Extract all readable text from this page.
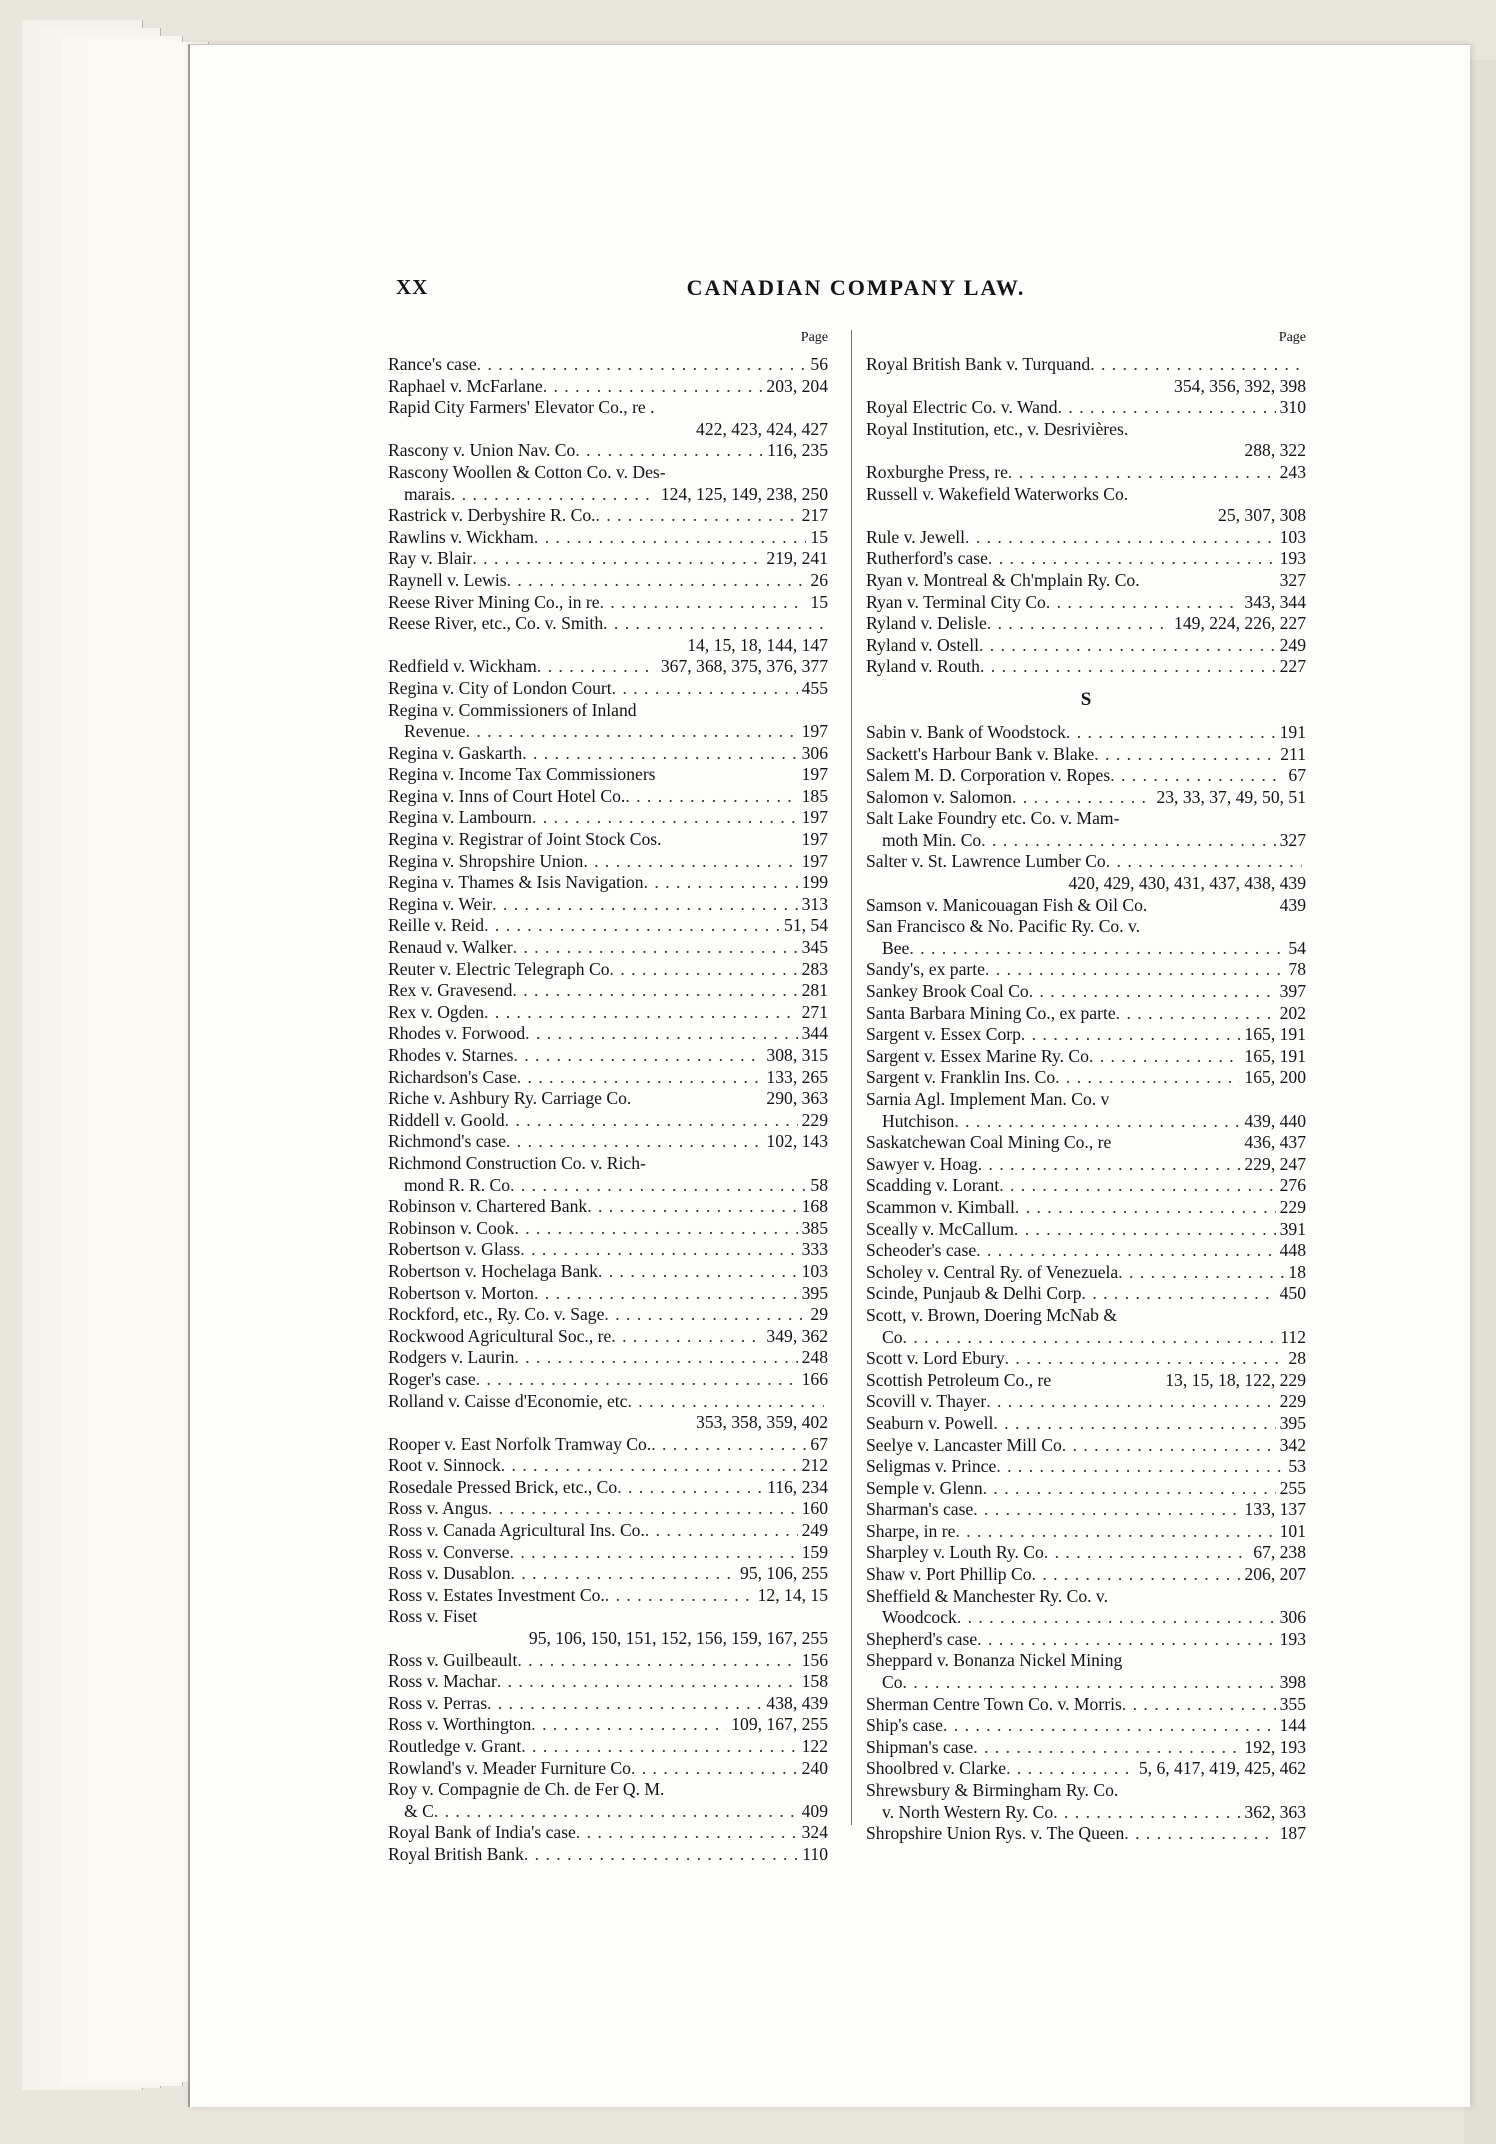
XX	CANADIAN COMPANY LAW.
Page
Rance's case . . .	56
Raphael v. McFarlane . . .	203, 204
Rapid City Farmers' Elevator Co., re .
422, 423, 424, 427
Rascony v. Union Nav. Co . . .	116, 235
Rascony Woollen & Cotton Co. v. Des-
marais . . .	124, 125, 149, 238, 250
Rastrick v. Derbyshire R. Co. . . .	217
Rawlins v. Wickham . . .	15
Ray v. Blair . . .	219, 241
Raynell v. Lewis . . .	26
Reese River Mining Co., in re . . .	15
Reese River, etc., Co. v. Smith
. . .
14, 15, 18, 144, 147
Redfield v. Wickham . . .	367, 368, 375, 376, 377
Regina v. City of London Court . . .	455
Regina v. Commissioners of Inland
Revenue . . .	197
Regina v. Gaskarth . . .	306
Regina v. Income Tax Commissioners	197
Regina v. Inns of Court Hotel Co. . . .	185
Regina v. Lambourn . . .	197
Regina v. Registrar of Joint Stock Cos.	197
Regina v. Shropshire Union . . .	197
Regina v. Thames & Isis Navigation . . .	199
Regina v. Weir . . .	313
Reille v. Reid . . .	51, 54
Renaud v. Walker . . .	345
Reuter v. Electric Telegraph Co . . .	283
Rex v. Gravesend . . .	281
Rex v. Ogden . . .	271
Rhodes v. Forwood . . .	344
Rhodes v. Starnes . . .	308, 315
Richardson's Case . . .	133, 265
Riche v. Ashbury Ry. Carriage Co.	290, 363
Riddell v. Goold . . .	229
Richmond's case . . .	102, 143
Richmond Construction Co. v. Rich-
mond R. R. Co . . .	58
Robinson v. Chartered Bank . . .	168
Robinson v. Cook . . .	385
Robertson v. Glass . . .	333
Robertson v. Hochelaga Bank . . .	103
Robertson v. Morton . . .	395
Rockford, etc., Ry. Co. v. Sage . . .	29
Rockwood Agricultural Soc., re . . .	349, 362
Rodgers v. Laurin . . .	248
Roger's case . . .	166
Rolland v. Caisse d'Economie, etc
. . .
353, 358, 359, 402
Rooper v. East Norfolk Tramway Co. . . .	67
Root v. Sinnock . . .	212
Rosedale Pressed Brick, etc., Co . . .	116, 234
Ross v. Angus . . .	160
Ross v. Canada Agricultural Ins. Co. . . .	249
Ross v. Converse . . .	159
Ross v. Dusablon . . .	95, 106, 255
Ross v. Estates Investment Co. . . .	12, 14, 15
Ross v. Fiset
95, 106, 150, 151, 152, 156, 159, 167, 255
Ross v. Guilbeault . . .	156
Ross v. Machar . . .	158
Ross v. Perras . . .	438, 439
Ross v. Worthington . . .	109, 167, 255
Routledge v. Grant . . .	122
Rowland's v. Meader Furniture Co . . .	240
Roy v. Compagnie de Ch. de Fer Q. M.
& C . . .	409
Royal Bank of India's case . . .	324
Royal British Bank . . .	110
Page
Royal British Bank v. Turquand
. . .
354, 356, 392, 398
Royal Electric Co. v. Wand . . .	310
Royal Institution, etc., v. Desrivières.
288, 322
Roxburghe Press, re . . .	243
Russell v. Wakefield Waterworks Co.
25, 307, 308
Rule v. Jewell . . .	103
Rutherford's case . . .	193
Ryan v. Montreal & Ch'mplain Ry. Co.	327
Ryan v. Terminal City Co . . .	343, 344
Ryland v. Delisle . . .	149, 224, 226, 227
Ryland v. Ostell . . .	249
Ryland v. Routh . . .	227
S
Sabin v. Bank of Woodstock . . .	191
Sackett's Harbour Bank v. Blake . . .	211
Salem M. D. Corporation v. Ropes . . .	67
Salomon v. Salomon . . .	23, 33, 37, 49, 50, 51
Salt Lake Foundry etc. Co. v. Mam-
moth Min. Co . . .	327
Salter v. St. Lawrence Lumber Co
. . .
420, 429, 430, 431, 437, 438, 439
Samson v. Manicouagan Fish & Oil Co.	439
San Francisco & No. Pacific Ry. Co. v.
Bee . . .	54
Sandy's, ex parte . . .	78
Sankey Brook Coal Co . . .	397
Santa Barbara Mining Co., ex parte . . .	202
Sargent v. Essex Corp . . .	165, 191
Sargent v. Essex Marine Ry. Co . . .	165, 191
Sargent v. Franklin Ins. Co . . .	165, 200
Sarnia Agl. Implement Man. Co. v
Hutchison . . .	439, 440
Saskatchewan Coal Mining Co., re	436, 437
Sawyer v. Hoag . . .	229, 247
Scadding v. Lorant . . .	276
Scammon v. Kimball . . .	229
Sceally v. McCallum . . .	391
Scheoder's case . . .	448
Scholey v. Central Ry. of Venezuela . . .	18
Scinde, Punjaub & Delhi Corp . . .	450
Scott, v. Brown, Doering McNab &
Co . . .	112
Scott v. Lord Ebury . . .	28
Scottish Petroleum Co., re	13, 15, 18, 122, 229
Scovill v. Thayer . . .	229
Seaburn v. Powell . . .	395
Seelye v. Lancaster Mill Co . . .	342
Seligmas v. Prince . . .	53
Semple v. Glenn . . .	255
Sharman's case . . .	133, 137
Sharpe, in re . . .	101
Sharpley v. Louth Ry. Co . . .	67, 238
Shaw v. Port Phillip Co . . .	206, 207
Sheffield & Manchester Ry. Co. v.
Woodcock . . .	306
Shepherd's case . . .	193
Sheppard v. Bonanza Nickel Mining
Co . . .	398
Sherman Centre Town Co. v. Morris . . .	355
Ship's case . . .	144
Shipman's case . . .	192, 193
Shoolbred v. Clarke . . .	5, 6, 417, 419, 425, 462
Shrewsbury & Birmingham Ry. Co.
v. North Western Ry. Co . . .	362, 363
Shropshire Union Rys. v. The Queen . . .	187
